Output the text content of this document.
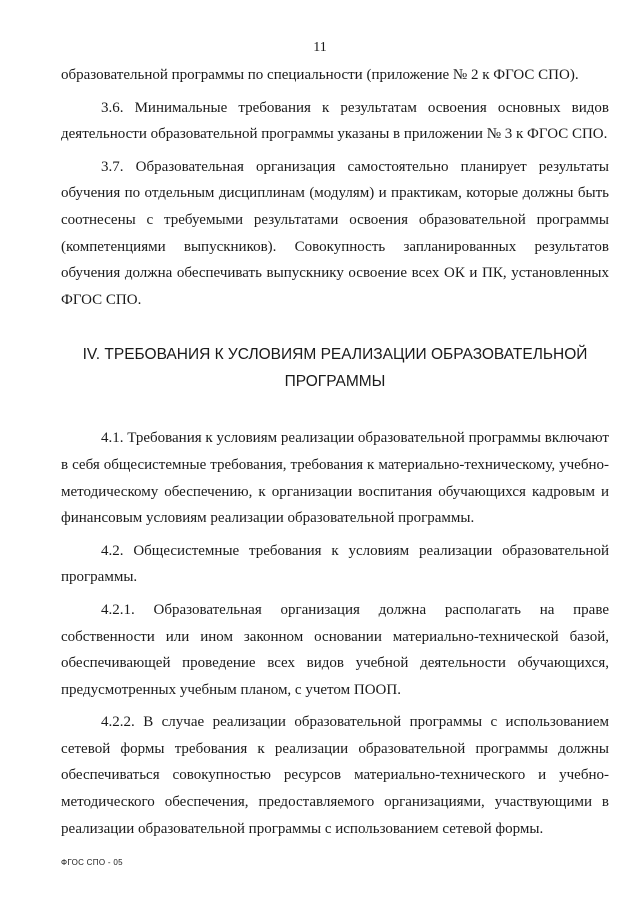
11

образовательной программы по специальности (приложение № 2 к ФГОС СПО).

3.6. Минимальные требования к результатам освоения основных видов деятельности образовательной программы указаны в приложении № 3 к ФГОС СПО.

3.7. Образовательная организация самостоятельно планирует результаты обучения по отдельным дисциплинам (модулям) и практикам, которые должны быть соотнесены с требуемыми результатами освоения образовательной программы (компетенциями выпускников). Совокупность запланированных результатов обучения должна обеспечивать выпускнику освоение всех ОК и ПК, установленных ФГОС СПО.

IV. ТРЕБОВАНИЯ К УСЛОВИЯМ РЕАЛИЗАЦИИ ОБРАЗОВАТЕЛЬНОЙ ПРОГРАММЫ

4.1. Требования к условиям реализации образовательной программы включают в себя общесистемные требования, требования к материально-техническому, учебно-методическому обеспечению, к организации воспитания обучающихся кадровым и финансовым условиям реализации образовательной программы.

4.2. Общесистемные требования к условиям реализации образовательной программы.

4.2.1. Образовательная организация должна располагать на праве собственности или ином законном основании материально-технической базой, обеспечивающей проведение всех видов учебной деятельности обучающихся, предусмотренных учебным планом, с учетом ПООП.

4.2.2. В случае реализации образовательной программы с использованием сетевой формы требования к реализации образовательной программы должны обеспечиваться совокупностью ресурсов материально-технического и учебно-методического обеспечения, предоставляемого организациями, участвующими в реализации образовательной программы с использованием сетевой формы.

ФГОС СПО - 05
